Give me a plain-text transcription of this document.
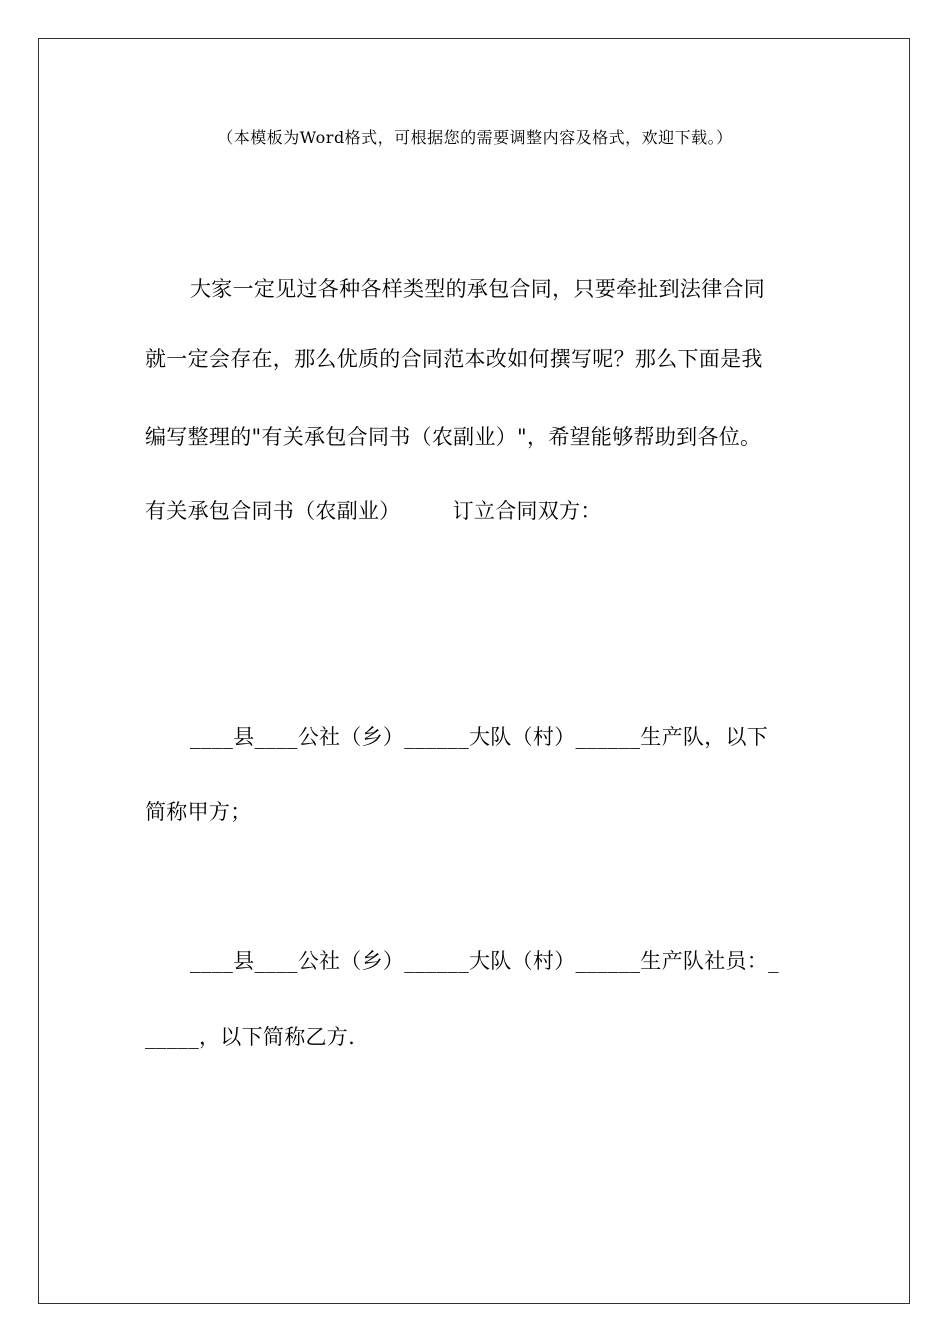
（本模板为Word格式，可根据您的需要调整内容及格式，欢迎下载。）
大家一定见过各种各样类型的承包合同，只要牵扯到法律合同
就一定会存在，那么优质的合同范本改如何撰写呢？那么下面是我
编写整理的"有关承包合同书（农副业）"，希望能够帮助到各位。
有关承包合同书（农副业） 订立合同双方：
____县____公社（乡）______大队（村）______生产队，以下
简称甲方；
____县____公社（乡）______大队（村）______生产队社员：_
_____，以下简称乙方.
